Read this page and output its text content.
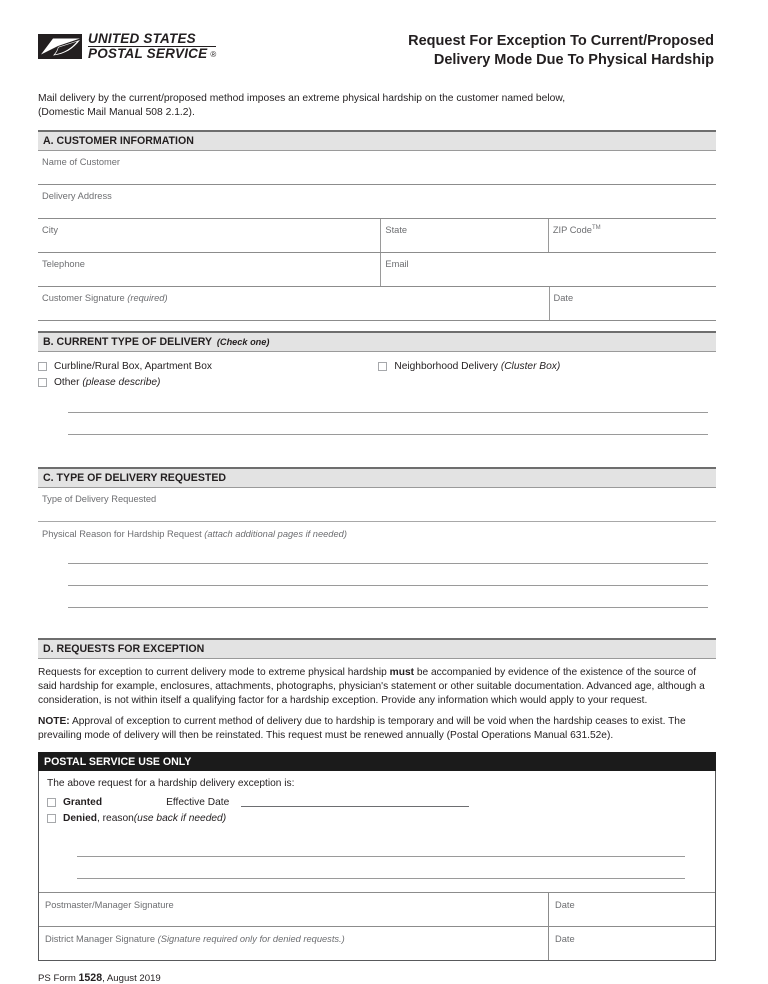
UNITED STATES
POSTAL SERVICE ®
Request For Exception To Current/Proposed
Delivery Mode Due To Physical Hardship
Mail delivery by the current/proposed method imposes an extreme physical hardship on the customer named below,
(Domestic Mail Manual 508 2.1.2).
A. CUSTOMER INFORMATION
Name of Customer
Delivery Address
City	State	ZIP Code™
Telephone	Email
Customer Signature (required)	Date
B. CURRENT TYPE OF DELIVERY (Check one)
Curbline/Rural Box, Apartment Box
Other (please describe)
Neighborhood Delivery (Cluster Box)
C. TYPE OF DELIVERY REQUESTED
Type of Delivery Requested
Physical Reason for Hardship Request (attach additional pages if needed)
D. REQUESTS FOR EXCEPTION
Requests for exception to current delivery mode to extreme physical hardship must be accompanied by evidence of the existence of the source of said hardship for example, enclosures, attachments, photographs, physician's statement or other suitable documentation. Advanced age, although a consideration, is not within itself a qualifying factor for a hardship exception. Provide any information which would apply to your request.
NOTE: Approval of exception to current method of delivery due to hardship is temporary and will be void when the hardship ceases to exist. The prevailing mode of delivery will then be reinstated. This request must be renewed annually (Postal Operations Manual 631.52e).
POSTAL SERVICE USE ONLY
The above request for a hardship delivery exception is:
Granted	Effective Date
Denied , reason (use back if needed)
Postmaster/Manager Signature	Date
District Manager Signature (Signature required only for denied requests.)	Date
PS Form 1528, August 2019
